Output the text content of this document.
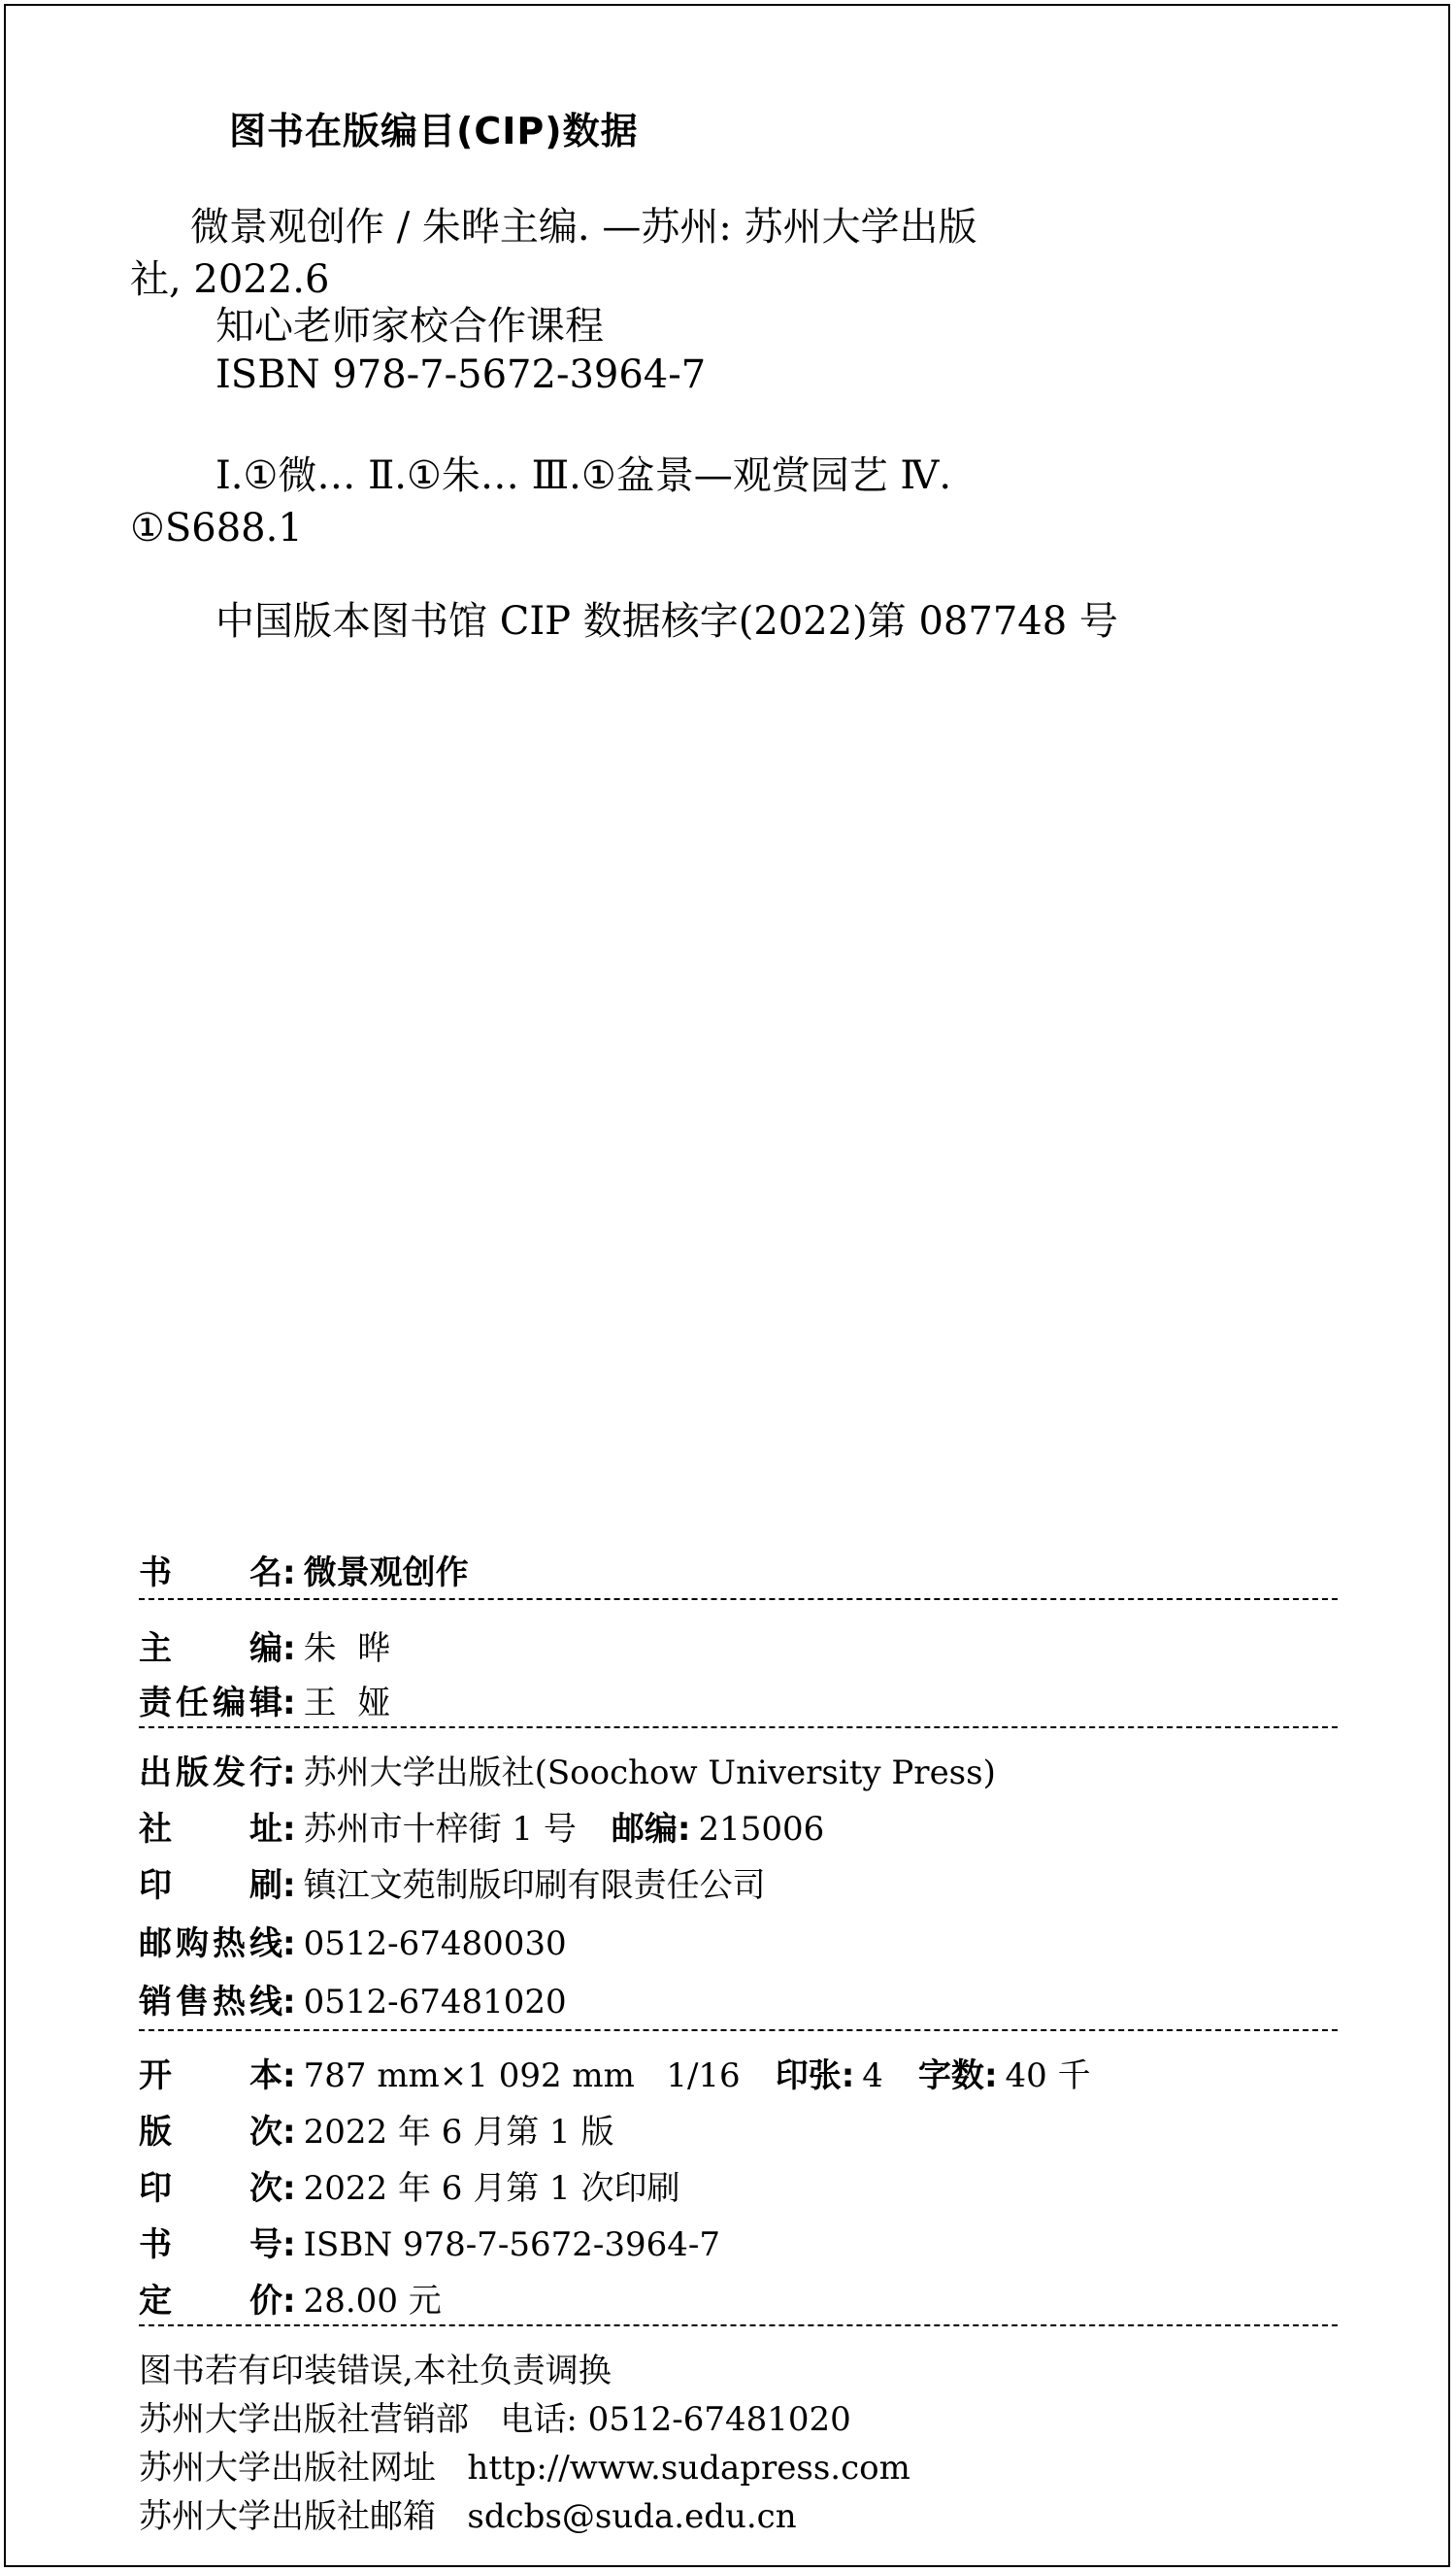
图书在版编目(CIP)数据
微景观创作 / 朱晔主编. —苏州: 苏州大学出版
社, 2022.6
知心老师家校合作课程
ISBN 978-7-5672-3964-7
Ⅰ.①微… Ⅱ.①朱… Ⅲ.①盆景—观赏园艺 Ⅳ.
①S688.1
中国版本图书馆 CIP 数据核字(2022)第 087748 号
书 名 : 微景观创作
主 编 : 朱  晔
责 任 编 辑 : 王  娅
出 版 发 行 : 苏州大学出版社(Soochow University Press)
社 址 : 苏州市十梓街 1 号 邮编 : 215006
印 刷 : 镇江文苑制版印刷有限责任公司
邮 购 热 线 : 0512-67480030
销 售 热 线 : 0512-67481020
开 本 : 787 mm×1 092 mm   1/16 印张 : 4 字数 : 40 千
版 次 : 2022 年 6 月第 1 版
印 次 : 2022 年 6 月第 1 次印刷
书 号 : ISBN 978-7-5672-3964-7
定 价 : 28.00 元
图书若有印装错误,本社负责调换
苏州大学出版社营销部   电话: 0512-67481020
苏州大学出版社网址   http://www.sudapress.com
苏州大学出版社邮箱   sdcbs@suda.edu.cn
